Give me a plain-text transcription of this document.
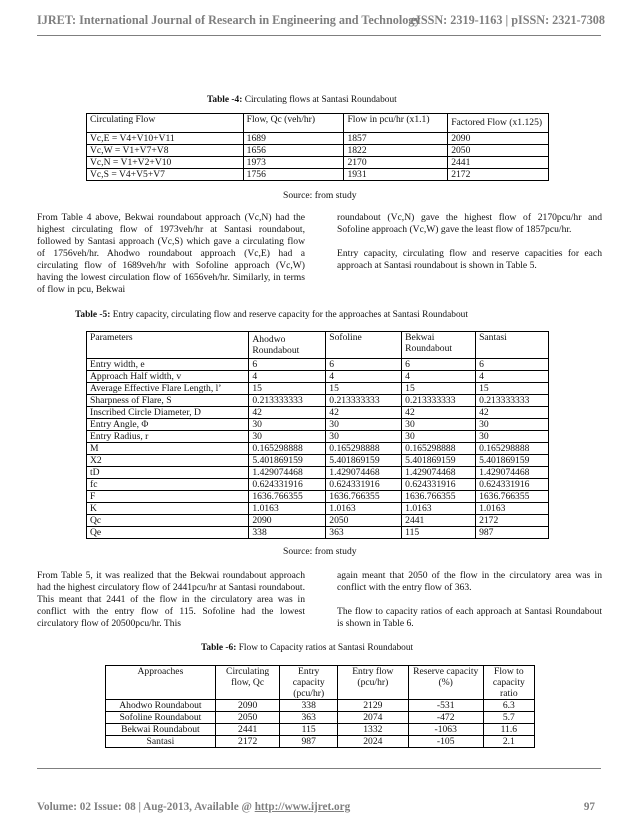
IJRET: International Journal of Research in Engineering and Technology
eISSN: 2319-1163 | pISSN: 2321-7308
Table -4: Circulating flows at Santasi Roundabout
Circulating Flow	Flow, Qc (veh/hr)	Flow in pcu/hr (x1.1)	Factored Flow (x1.125)
Vc,E = V4+V10+V11	1689	1857	2090
Vc,W = V1+V7+V8	1656	1822	2050
Vc,N = V1+V2+V10	1973	2170	2441
Vc,S = V4+V5+V7	1756	1931	2172
Source: from study
From Table 4 above, Bekwai roundabout approach (Vc,N) had the highest circulating flow of 1973veh/hr at Santasi roundabout, followed by Santasi approach (Vc,S) which gave a circulating flow of 1756veh/hr. Ahodwo roundabout approach (Vc,E) had a circulating flow of 1689veh/hr with Sofoline approach (Vc,W) having the lowest circulation flow of 1656veh/hr. Similarly, in terms of flow in pcu, Bekwai
roundabout (Vc,N) gave the highest flow of 2170pcu/hr and Sofoline approach (Vc,W) gave the least flow of 1857pcu/hr.
Entry capacity, circulating flow and reserve capacities for each approach at Santasi roundabout is shown in Table 5.
Table -5: Entry capacity, circulating flow and reserve capacity for the approaches at Santasi Roundabout
Parameters	Ahodwo Roundabout	Sofoline	Bekwai Roundabout	Santasi
Entry width, e	6	6	6	6
Approach Half width, v	4	4	4	4
Average Effective Flare Length, l’	15	15	15	15
Sharpness of Flare, S	0.213333333	0.213333333	0.213333333	0.213333333
Inscribed Circle Diameter, D	42	42	42	42
Entry Angle, Φ	30	30	30	30
Entry Radius, r	30	30	30	30
M	0.165298888	0.165298888	0.165298888	0.165298888
X2	5.401869159	5.401869159	5.401869159	5.401869159
tD	1.429074468	1.429074468	1.429074468	1.429074468
fc	0.624331916	0.624331916	0.624331916	0.624331916
F	1636.766355	1636.766355	1636.766355	1636.766355
K	1.0163	1.0163	1.0163	1.0163
Qc	2090	2050	2441	2172
Qe	338	363	115	987
Source: from study
From Table 5, it was realized that the Bekwai roundabout approach had the highest circulatory flow of 2441pcu/hr at Santasi roundabout. This meant that 2441 of the flow in the circulatory area was in conflict with the entry flow of 115. Sofoline had the lowest circulatory flow of 20500pcu/hr. This
again meant that 2050 of the flow in the circulatory area was in conflict with the entry flow of 363.
The flow to capacity ratios of each approach at Santasi Roundabout is shown in Table 6.
Table -6: Flow to Capacity ratios at Santasi Roundabout
Approaches	Circulating flow, Qc	Entry capacity (pcu/hr)	Entry flow (pcu/hr)	Reserve capacity (%)	Flow to capacity ratio
Ahodwo Roundabout	2090	338	2129	-531	6.3
Sofoline Roundabout	2050	363	2074	-472	5.7
Bekwai Roundabout	2441	115	1332	-1063	11.6
Santasi	2172	987	2024	-105	2.1
Volume: 02 Issue: 08 | Aug-2013, Available @ http://www.ijret.org	97
